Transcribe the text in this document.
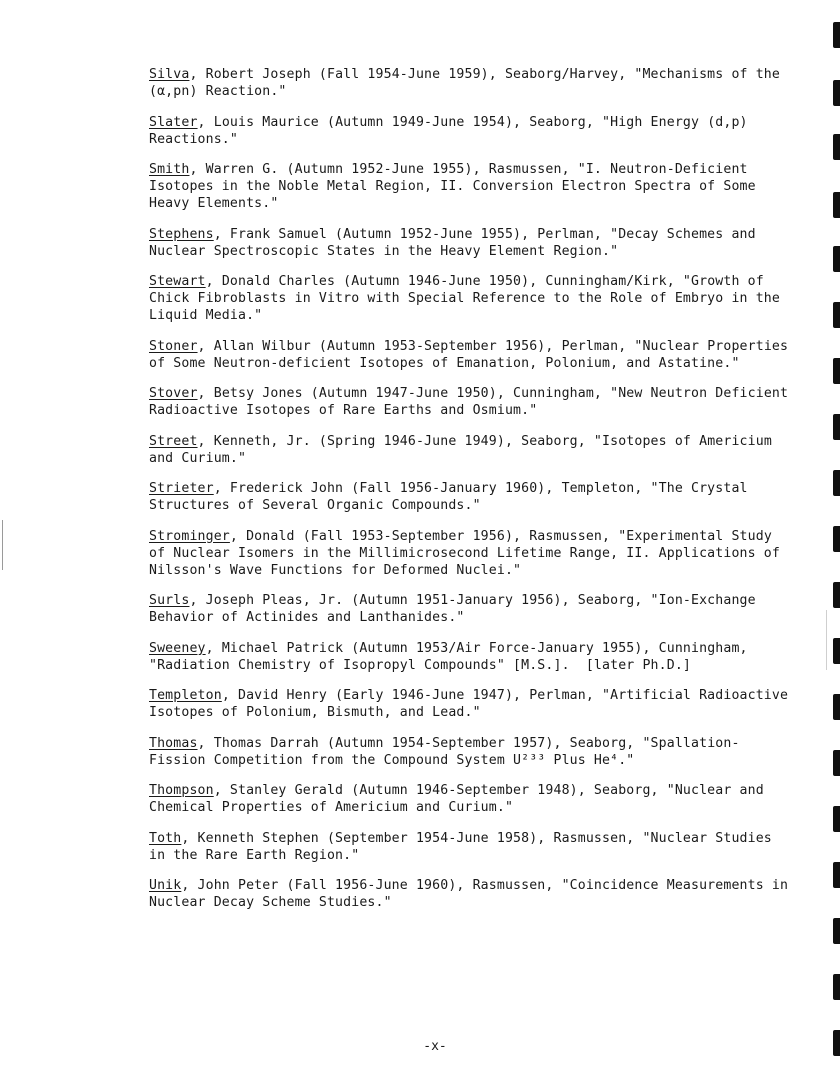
Silva, Robert Joseph (Fall 1954-June 1959), Seaborg/Harvey, "Mechanisms of the (α,pn) Reaction."

Slater, Louis Maurice (Autumn 1949-June 1954), Seaborg, "High Energy (d,p) Reactions."

Smith, Warren G. (Autumn 1952-June 1955), Rasmussen, "I. Neutron-Deficient Isotopes in the Noble Metal Region, II. Conversion Electron Spectra of Some Heavy Elements."

Stephens, Frank Samuel (Autumn 1952-June 1955), Perlman, "Decay Schemes and Nuclear Spectroscopic States in the Heavy Element Region."

Stewart, Donald Charles (Autumn 1946-June 1950), Cunningham/Kirk, "Growth of Chick Fibroblasts in Vitro with Special Reference to the Role of Embryo in the Liquid Media."

Stoner, Allan Wilbur (Autumn 1953-September 1956), Perlman, "Nuclear Properties of Some Neutron-deficient Isotopes of Emanation, Polonium, and Astatine."

Stover, Betsy Jones (Autumn 1947-June 1950), Cunningham, "New Neutron Deficient Radioactive Isotopes of Rare Earths and Osmium."

Street, Kenneth, Jr. (Spring 1946-June 1949), Seaborg, "Isotopes of Americium and Curium."

Strieter, Frederick John (Fall 1956-January 1960), Templeton, "The Crystal Structures of Several Organic Compounds."

Strominger, Donald (Fall 1953-September 1956), Rasmussen, "Experimental Study of Nuclear Isomers in the Millimicrosecond Lifetime Range, II. Applications of Nilsson's Wave Functions for Deformed Nuclei."

Surls, Joseph Pleas, Jr. (Autumn 1951-January 1956), Seaborg, "Ion-Exchange Behavior of Actinides and Lanthanides."

Sweeney, Michael Patrick (Autumn 1953/Air Force-January 1955), Cunningham, "Radiation Chemistry of Isopropyl Compounds" [M.S.].  [later Ph.D.]

Templeton, David Henry (Early 1946-June 1947), Perlman, "Artificial Radioactive Isotopes of Polonium, Bismuth, and Lead."

Thomas, Thomas Darrah (Autumn 1954-September 1957), Seaborg, "Spallation-Fission Competition from the Compound System U²³³ Plus He⁴."

Thompson, Stanley Gerald (Autumn 1946-September 1948), Seaborg, "Nuclear and Chemical Properties of Americium and Curium."

Toth, Kenneth Stephen (September 1954-June 1958), Rasmussen, "Nuclear Studies in the Rare Earth Region."

Unik, John Peter (Fall 1956-June 1960), Rasmussen, "Coincidence Measurements in Nuclear Decay Scheme Studies."

-x-
